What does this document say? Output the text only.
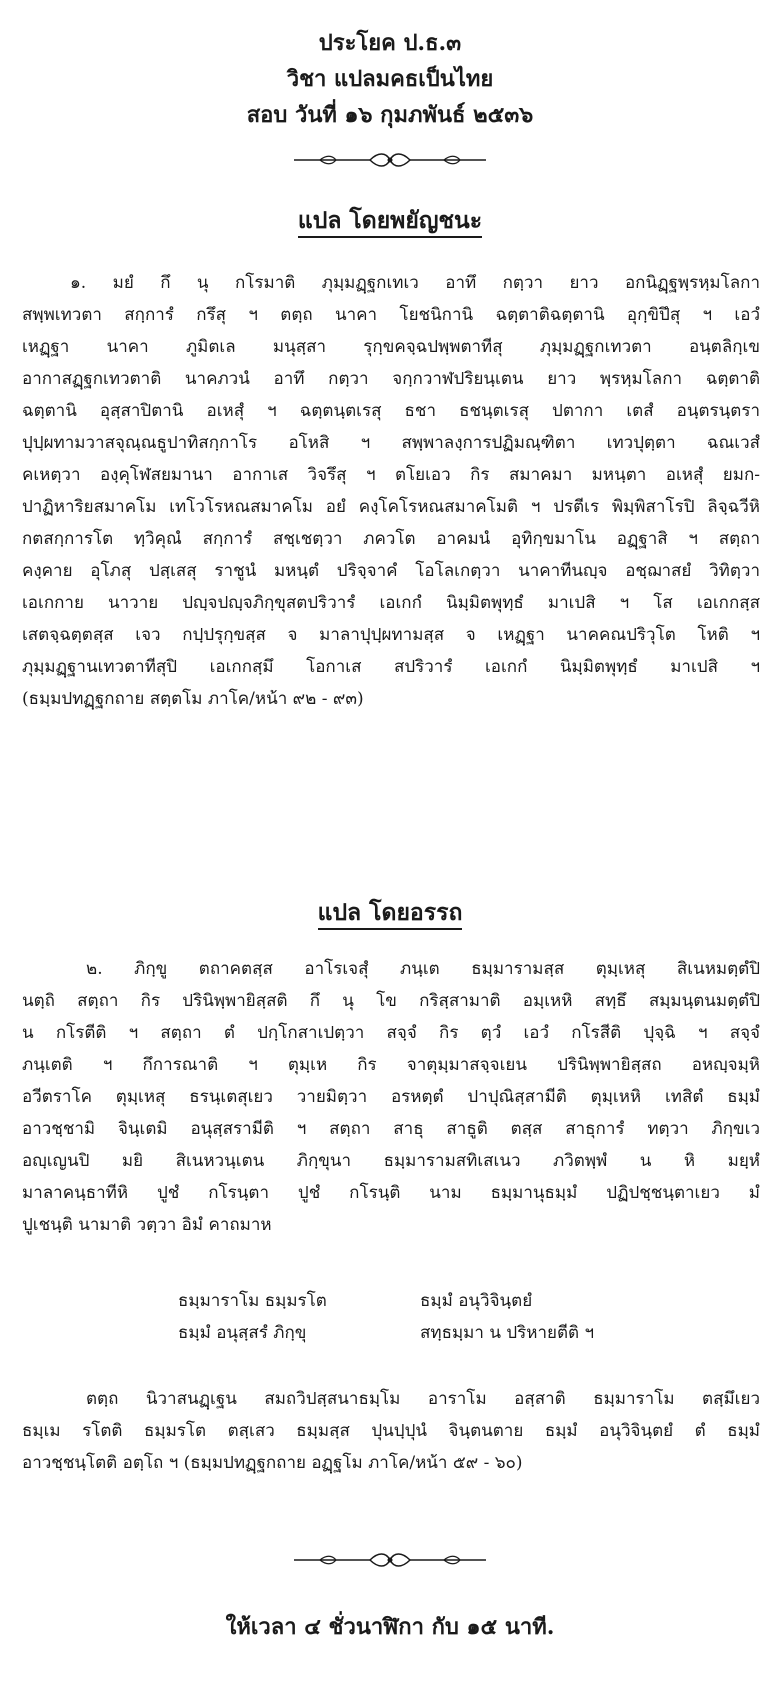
ประโยค ป.ธ.๓
วิชา แปลมคธเป็นไทย
สอบ วันที่ ๑๖ กุมภพันธ์ ๒๕๓๖
แปล โดยพยัญชนะ
๑. มยํ กึ นุ กโรมาติ ภุมฺมฏฺฐกเทเว อาทึ กตฺวา ยาว อกนิฏฺฐพฺรหฺมโลกา
สพฺพเทวตา สกฺการํ กรึสุ ฯ ตตฺถ นาคา โยชนิกานิ ฉตฺตาติฉตฺตานิ อุกฺขิปึสุ ฯ เอวํ
เหฏฺฐา นาคา ภูมิตเล มนุสฺสา รุกฺขคจฺฉปพฺพตาทีสุ ภุมฺมฏฺฐกเทวตา อนฺตลิกฺเข
อากาสฏฺฐกเทวตาติ นาคภวนํ อาทึ กตฺวา จกฺกวาฬปริยนฺเตน ยาว พฺรหฺมโลกา ฉตฺตาติ
ฉตฺตานิ อุสฺสาปิตานิ อเหสุํ ฯ ฉตฺตนฺตเรสุ ธชา ธชนฺตเรสุ ปตากา เตสํ อนฺตรนฺตรา
ปุปฺผทามวาสจุณฺณธูปาทิสกฺกาโร อโหสิ ฯ สพฺพาลงฺการปฏิมณฺฑิตา เทวปุตฺตา ฉณเวสํ
คเหตฺวา องฺคุโฬสยมานา อากาเส วิจรึสุ ฯ ตโยเอว กิร สมาคมา มหนฺตา อเหสุํ ยมก-
ปาฏิหาริยสมาคโม เทโวโรหณสมาคโม อยํ คงฺโคโรหณสมาคโมติ ฯ ปรตีเร พิมฺพิสาโรปิ ลิจฺฉวีหิ
กตสกฺการโต ทฺวิคุณํ สกฺการํ สชฺเชตฺวา ภควโต อาคมนํ อุทิกฺขมาโน อฏฺฐาสิ ฯ สตฺถา
คงฺคาย อุโภสุ ปสฺเสสุ ราชูนํ มหนฺตํ ปริจฺจาคํ โอโลเกตฺวา นาคาทีนญฺจ อชฺฌาสยํ วิทิตฺวา
เอเกกาย นาวาย ปญฺจปญฺจภิกฺขุสตปริวารํ เอเกกํ นิมฺมิตพุทฺธํ มาเปสิ ฯ โส เอเกกสฺส
เสตจฺฉตฺตสฺส เจว กปฺปรุกฺขสฺส จ มาลาปุปฺผทามสฺส จ เหฏฺฐา นาคคณปริวุโต โหติ ฯ
ภุมฺมฏฺฐานเทวตาทีสุปิ เอเกกสฺมึ โอกาเส สปริวารํ เอเกกํ นิมฺมิตพุทฺธํ มาเปสิ ฯ
(ธมฺมปทฏฺฐกถาย สตฺตโม ภาโค/หน้า ๙๒ - ๙๓)
แปล โดยอรรถ
๒. ภิกฺขู ตถาคตสฺส อาโรเจสุํ ภนฺเต ธมฺมารามสฺส ตุมฺเหสุ สิเนหมตฺตํปิ
นตฺถิ สตฺถา กิร ปรินิพฺพายิสฺสติ กึ นุ โข กริสฺสามาติ อมฺเหหิ สทฺธึ สมฺมนฺตนมตฺตํปิ
น กโรตีติ ฯ สตฺถา ตํ ปกฺโกสาเปตฺวา สจฺจํ กิร ตฺวํ เอวํ กโรสีติ ปุจฺฉิ ฯ สจฺจํ
ภนฺเตติ ฯ กึการณาติ ฯ ตุมฺเห กิร จาตุมฺมาสจฺจเยน ปรินิพฺพายิสฺสถ อหญฺจมฺหิ
อวีตราโค ตุมฺเหสุ ธรนฺเตสุเยว วายมิตฺวา อรหตฺตํ ปาปุณิสฺสามีติ ตุมฺเหหิ เทสิตํ ธมฺมํ
อาวชฺชามิ จินฺเตมิ อนุสฺสรามีติ ฯ สตฺถา สาธุ สาธูติ ตสฺส สาธุการํ ทตฺวา ภิกฺขเว
อญฺเญนปิ มยิ สิเนหวนฺเตน ภิกฺขุนา ธมฺมารามสทิเสเนว ภวิตพฺพํ น หิ มยฺหํ
มาลาคนฺธาทีหิ ปูชํ กโรนฺตา ปูชํ กโรนฺติ นาม ธมฺมานุธมฺมํ ปฏิปชฺชนฺตาเยว มํ
ปูเชนฺติ นามาติ วตฺวา อิมํ คาถมาห
ธมฺมาราโม ธมฺมรโต	ธมฺมํ อนุวิจินฺตยํ
ธมฺมํ อนุสฺสรํ ภิกฺขุ	สทฺธมฺมา น ปริหายตีติ ฯ
ตตฺถ นิวาสนฏฺเฐน สมถวิปสฺสนาธมฺโม อาราโม อสฺสาติ ธมฺมาราโม ตสฺมึเยว
ธมฺเม รโตติ ธมฺมรโต ตสฺเสว ธมฺมสฺส ปุนปฺปุนํ จินฺตนตาย ธมฺมํ อนุวิจินฺตยํ ตํ ธมฺมํ
อาวชฺชนฺโตติ อตฺโถ ฯ (ธมฺมปทฏฺฐกถาย อฏฺฐโม ภาโค/หน้า ๕๙ - ๖๐)
ให้เวลา ๔ ชั่วนาฬิกา กับ ๑๕ นาที.
